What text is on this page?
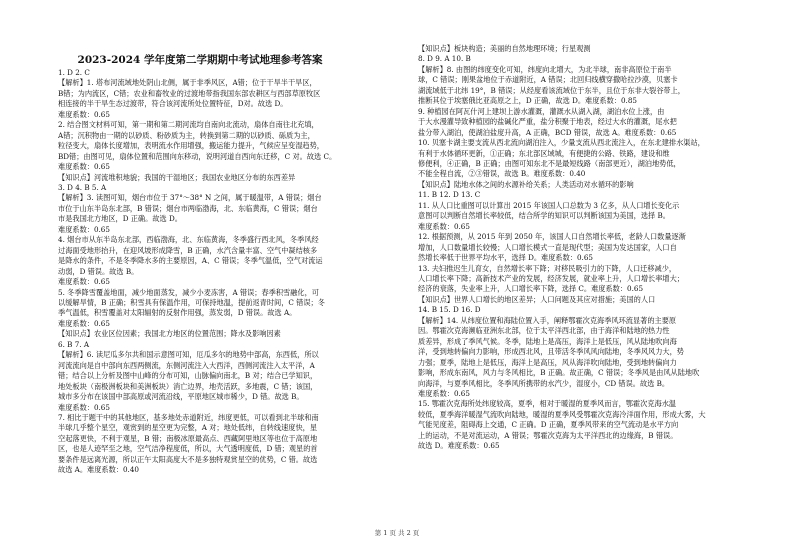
2023-2024 学年度第二学期期中考试地理参考答案
1. D 2. C
【解析】1. 塔布河流域地处阴山北侧，属于非季风区，A错；位于干旱半干旱区，
B错；为内流区，C错；农业和畜牧业的过渡地带指我国东部农耕区与西部草原牧区
相连接的半干旱生态过渡带，符合该河流所处位置特征，D对。故选 D。
难度系数：0.65
2. 结合图文材料可知，第一期和第二期河流均自南向北流动，扇体自南往北充填，
A错；沉积物由一期的以砂质、粉砂质为主，转换到第二期的以砂质、砾质为主，
粒径变大，扇体长度增加，表明流水作用增强，搬运能力提升，气候应呈变湿趋势，
BD错；由图可见，扇体位置和范围向东移动，说明河道自西向东迁移，C 对。故选 C。
难度系数：0.65
【知识点】河流堆积地貌；我国的干湿地区；我国农业地区分布的东西差异
3. D 4. B 5. A
【解析】3. 读图可知，烟台市位于 37°～38° N 之间，属于暖温带，A 错误；烟台
市位于山东半岛东北部，B 错误；烟台市两临渤海，北、东临黄海，C 错误；烟台
市是我国北方地区，D 正确。故选 D。
难度系数：0.65
4. 烟台市从东半岛东北部，西临渤海，北、东临黄海，冬季盛行西北风，冬季风经
过海面受地形抬升，在迎风坡形成降雪，B 正确，水汽含量丰富、空气中凝结核多
是降水的条件，不是冬季降水多的主要原因，A、C 错误；冬季气温低，空气对流运
动弱，D 错误。故选 B。
难度系数：0.65
5. 冬季降雪覆盖地面，减少地面蒸发，减少小麦冻害，A 错误；春季积雪融化，可
以缓解旱情，B 正确；积雪具有保温作用，可保持地温，提前返青时间，C 错误；冬
季气温低，积雪覆盖对太阳辐射的反射作用强，蒸发弱，D 错误。故选 A。
难度系数：0.65
【知识点】农业区位因素；我国北方地区的位置范围；降水及影响因素
6. B 7. A
【解析】6. 读尼瓜多尔共和国示意图可知，厄瓜多尔的地势中部高，东西低，所以
河流流向是自中部向东西两侧流，东侧河流注入大西洋，西侧河流注入太平洋，A
错；结合以上分析及图中山峰的分布可知，山脉偏向南北，B 对；结合已学知识，
地处板块（南极洲板块和美洲板块）消亡边界，地壳活跃，多地震，C 错；该国，
城市多分布在该国中部高原或河流沿线，平原地区城市稀少，D 错。故选 B。
难度系数：0.65
7. 相比于题干中的其他地区，基多地处赤道附近，纬度更低，可以看到北半球和南
半球几乎整个星空，观赏到的星空更为完整，A 对；地处低纬，自转线速度快，星
空起落更快，不利于观星，B 错；南极冰原最高点、西藏阿里地区等也位于高原地
区，也是人迹罕至之地，空气洁净程度低，所以，大气透明度低，D 错；观星的首
要条件是远离光源，所以正午太阳高度大不是多独特观赏星空的优势，C 错。故选
故选 A。难度系数：0.40
【知识点】板块构造；美丽的自然地理环境；行星观测
8. D 9. A 10. B
【解析】8. 由图的纬度变化可知，纬度向北增大，为北半球，南非高原位于南半
球，C 错误；刚果盆地位于赤道附近，A 错误；北回归线横穿撒哈拉沙漠，贝塞卡
湖流域低于北纬 19°，B 错误；从经度看该流域位于东半，且位于东非大裂谷带上，
推断其位于埃塞俄比亚高原之上，D 正确，故选 D。难度系数：0.85
9. 种植园在阿瓦什河上建坝上游水灌溉，灌溉水从湖入湖，湖泊水位上涨，由
于大水漫灌导致种植园的盐碱化严重，盐分积聚于地表，经过大水的灌溉，尾水把
盐分带入湖泊，使湖泊盐度升高，A 正确，BCD 错误，故选 A。难度系数：0.65
10. 贝塞卡湖主要支流从西北流向湖泊注入，少量支流从西北流注入，在东北建排水渠站，
有利于水体循环更新，①正确；东北部区域城，有便捷的公路、铁路，建设和维
修便利，④正确，B 正确；由图可知东北不是最短线路（南部更近），湖泊地势低，
不能全程自流，②③错误，故选 B。难度系数：0.40
【知识点】陆地水体之间的水源补给关系；人类活动对水循环的影响
11. B 12. D 13. C
11. 从人口比重图可以计算出 2015 年该国人口总数为 3 亿多，从人口增长变化示
意图可以判断自然增长率较低，结合所学的知识可以判断该国为美国，选择 B。
难度系数：0.65
12. 根据预测，从 2015 年到 2050 年，该国人口自然增长率低，老龄人口数量逐渐
增加，人口数量增长较慢；人口增长模式一直是现代型；美国为发达国家，人口自
然增长率低于世界平均水平，选择 D。难度系数：0.65
13. 夫妇推迟生儿育女，自然增长率下降；对移民吸引力的下降，人口迁移减少，
人口增长率下降；高新技术产业的发展，经济发展，就业率上升，人口增长率增大；
经济的衰落，失业率上升，人口增长率下降，选择 C。难度系数：0.65
【知识点】世界人口增长的地区差异；人口问题及其应对措施；美国的人口
14. B 15. D 16. D
【解析】14. 从纬度位置和海陆位置入手，阐释鄂霍次克海季风环流显著的主要原
因。鄂霍次克海濒临亚洲东北部，位于太平洋西北部，由于海洋和陆地的热力性
质差异，形成了季风气候。冬季，陆地上是高压，海洋上是低压，风从陆地吹向海
洋，受到地转偏向力影响，形成西北风，且带活冬季风风向陆地，冬季风风力大，势
力强；夏季，陆地上是低压，海洋上是高压，风从海洋吹向陆地，受到地转偏向力
影响，形成东南风，风力与冬风相比，B 正确。故正确，C 错误；冬季风是由风从陆地吹
向海洋，与夏季风相比，冬季风所携带的水汽少，湿度小，CD 错误。故选 B。
难度系数：0.65
15. 鄂霍次克海所处纬度较高，夏季，相对于暖湿的夏季风而言，鄂霍次克海水温
较低，夏季海洋暖湿气流吹向陆地，暖湿的夏季风受鄂霍次克海冷洋面作用，形成大雾，大
气能见度差，阻碍海上交通，C 正确。D 正确，夏季风带来的空气流动是水平方向
上的运动，不是对流运动，A 错误；鄂霍次克海为太平洋西北的边缘海，B 错误。
故选 D。难度系数：0.65
第 1 页 共 2 页
